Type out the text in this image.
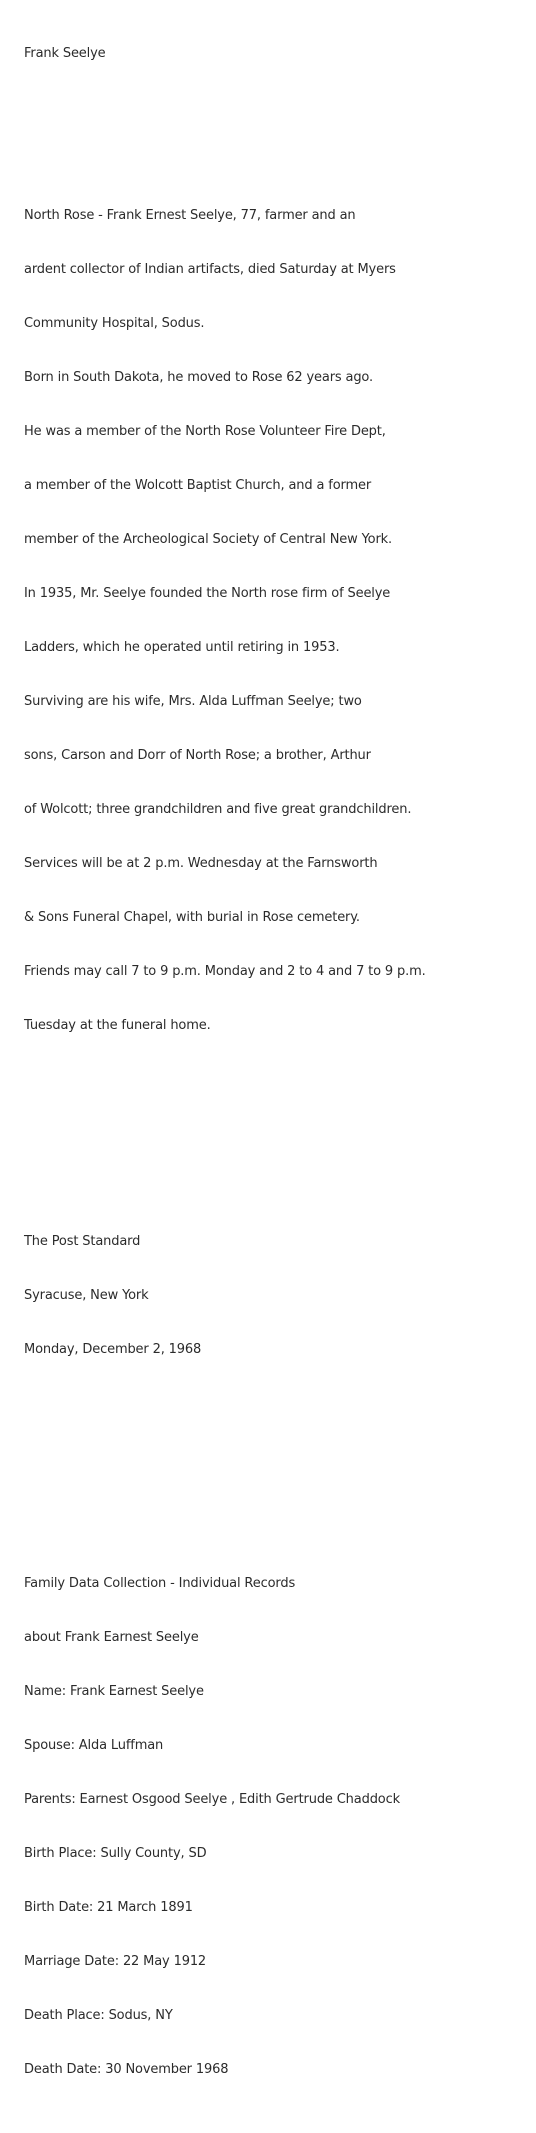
Frank Seelye

North Rose - Frank Ernest Seelye, 77, farmer and an

ardent collector of Indian artifacts, died Saturday at Myers

Community Hospital, Sodus.

Born in South Dakota, he moved to Rose 62 years ago.

He was a member of the North Rose Volunteer Fire Dept,

a member of the Wolcott Baptist Church, and a former

member of the Archeological Society of Central New York.

In 1935, Mr. Seelye founded the North rose firm of Seelye

Ladders, which he operated until retiring in 1953.

Surviving are his wife, Mrs. Alda Luffman Seelye; two

sons, Carson and Dorr of North Rose; a brother, Arthur

of Wolcott; three grandchildren and five great grandchildren.

Services will be at 2 p.m. Wednesday at the Farnsworth

& Sons Funeral Chapel, with burial in Rose cemetery.

Friends may call 7 to 9 p.m. Monday and 2 to 4 and 7 to 9 p.m.

Tuesday at the funeral home.

The Post Standard

Syracuse, New York

Monday, December 2, 1968

Family Data Collection - Individual Records

about Frank Earnest Seelye

Name: Frank Earnest Seelye

Spouse: Alda Luffman

Parents: Earnest Osgood Seelye , Edith Gertrude Chaddock

Birth Place: Sully County, SD

Birth Date: 21 March 1891

Marriage Date: 22 May 1912

Death Place: Sodus, NY

Death Date: 30 November 1968
